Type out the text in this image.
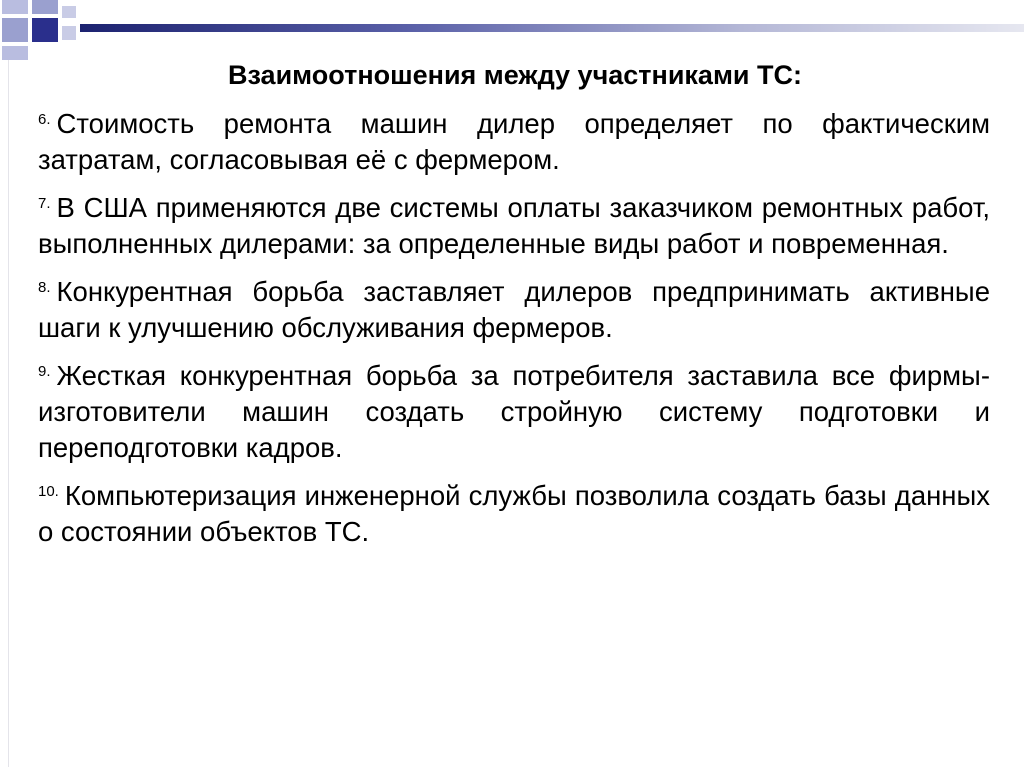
Взаимоотношения между участниками ТС:
$^{6.}$ Стоимость ремонта машин дилер определяет по фактическим затратам, согласовывая её с фермером.
$^{7.}$ В США применяются две системы оплаты заказчиком ремонтных работ, выполненных дилерами: за определенные виды работ и повременная.
$^{8.}$ Конкурентная борьба заставляет дилеров предпринимать активные шаги к улучшению обслуживания фермеров.
$^{9.}$ Жесткая конкурентная борьба за потребителя заставила все фирмы-изготовители машин создать стройную систему подготовки и переподготовки кадров.
$^{10.}$ Компьютеризация инженерной службы позволила создать базы данных о состоянии объектов ТС.
